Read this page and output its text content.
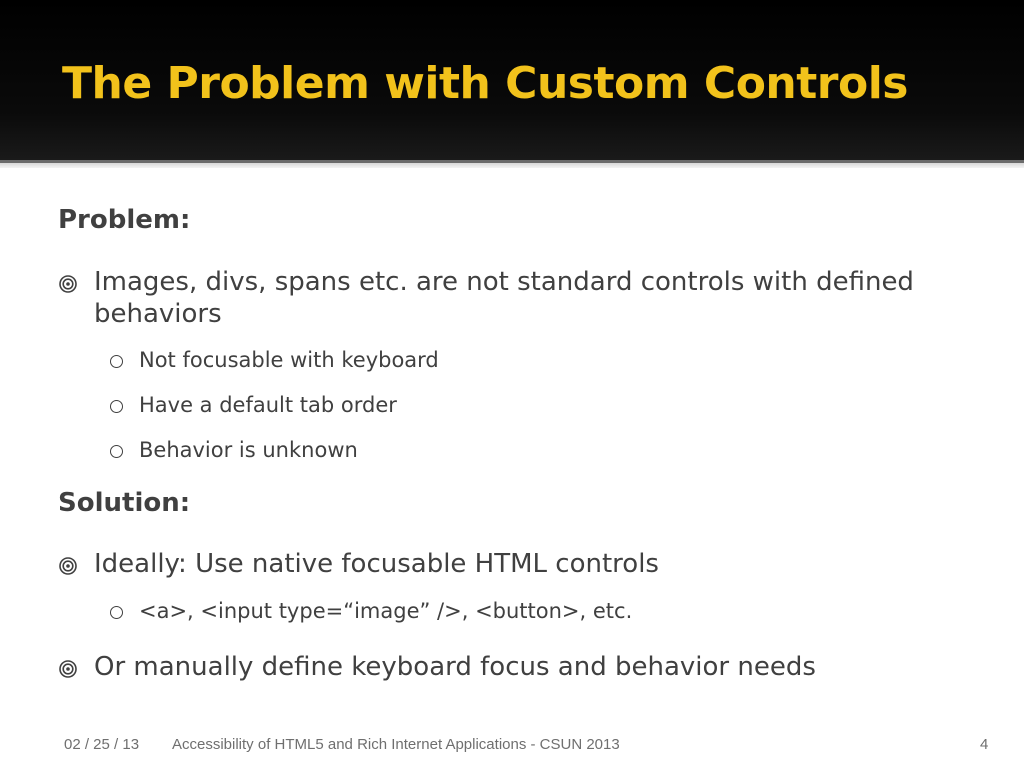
The Problem with Custom Controls
Problem:
Images, divs, spans etc. are not standard controls with defined behaviors
Not focusable with keyboard
Have a default tab order
Behavior is unknown
Solution:
Ideally: Use native focusable HTML controls
<a>, <input type=“image” />, <button>, etc.
Or manually define keyboard focus and behavior needs
02 / 25 / 13 Accessibility of HTML5 and Rich Internet Applications - CSUN 2013	4
